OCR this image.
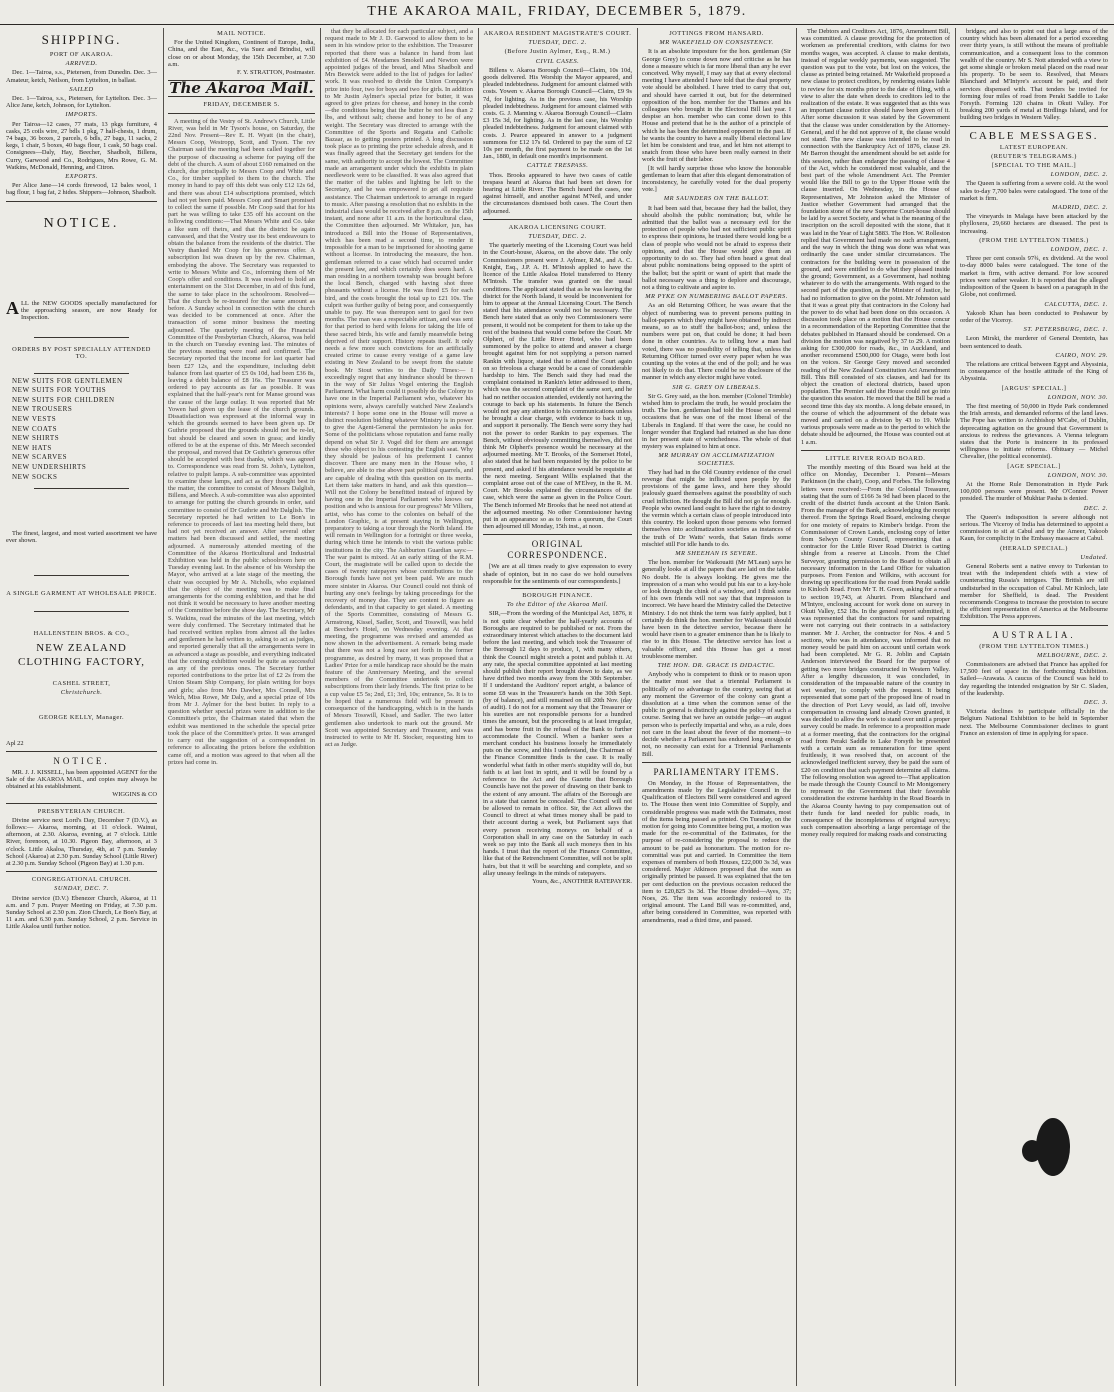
THE AKAROA MAIL, FRIDAY, DECEMBER 5, 1879.
SHIPPING.
PORT OF AKAROA.
ARRIVED.
Dec. 1—Tairoa, s.s., Pietersen, from Dunedin. Dec. 3—Amateur, ketch, Neilson, from Lyttelton, in ballast.
SAILED
Dec. 1—Tairoa, s.s., Pietersen, for Lyttelton. Dec. 3—Alice Jane, ketch, Johnson, for Lyttelton.
IMPORTS.
Per Tairoa—12 cases, 77 mats, 13 pkgs furniture, 4 casks, 25 coils wire, 27 bdls 1 pkg, 7 half-chests, 1 drum, 74 bags, 36 boxes, 2 parcels, 6 bdls, 27 bags, 11 sacks, 2 kegs, 1 chair, 5 boxes, 40 bags flour, 1 cask, 50 bags coal. Consignees—Daly, Hay, Beecher, Shadbolt, Billens, Curry, Garwood and Co., Rodrigues, Mrs Rowe, G. M. Watkins, McDonald, Henning, and Citron.
EXPORTS.
Per Alice Jane—14 cords firewood, 12 bales wool, 1 bag flour, 1 bag fat, 2 hides. Shippers—Johnson, Shadbolt.
NOTICE.
ALL the NEW GOODS specially manufactured for the approaching season, are now Ready for Inspection.
ORDERS BY POST SPECIALLY ATTENDED TO.
NEW SUITS FOR GENTLEMEN
NEW SUITS FOR YOUTHS
NEW SUITS FOR CHILDREN
NEW TROUSERS
NEW VESTS
NEW COATS
NEW SHIRTS
NEW HATS
NEW SCARVES
NEW UNDERSHIRTS
NEW SOCKS
The finest, largest, and most varied assortment we have ever shown.
A SINGLE GARMENT AT WHOLESALE PRICE.
HALLENSTEIN BROS. & CO.,
NEW ZEALAND
CLOTHING FACTORY,
CASHEL STREET,
Christchurch.
GEORGE KELLY, Manager.
Apl 22
NOTICE.
MR. J. J. KISSELL, has been appointed AGENT for the Sale of the AKAROA MAIL, and copies may always be obtained at his establishment.
WIGGINS & CO
PRESBYTERIAN CHURCH.
Divine service next Lord's Day, December 7 (D.V.), as follows:— Akaroa, morning, at 11 o'clock. Wainui, afternoon, at 2.30. Akaroa, evening, at 7 o'clock. Little River, forenoon, at 10.30. Pigeon Bay, afternoon, at 3 o'clock. Little Akaloa, Thursday, 4th, at 7 p.m. Sunday School (Akaroa) at 2.30 p.m. Sunday School (Little River) at 2.30 p.m. Sunday School (Pigeon Bay) at 1.30 p.m.
CONGREGATIONAL CHURCH.
SUNDAY, DEC. 7.
Divine service (D.V.) Ebenezer Church, Akaroa, at 11 a.m. and 7 p.m. Prayer Meeting on Friday, at 7.30 p.m. Sunday School at 2.30 p.m. Zion Church, Le Bon's Bay, at 11 a.m. and 6.30 p.m. Sunday School, 2 p.m. Service in Little Akaloa until further notice.
MAIL NOTICE.
For the United Kingdom, Continent of Europe, India, China, and the East, &c., via Suez and Brindisi, will close on or about Monday, the 15th December, at 7.30 a.m.
F. Y. STRATTON, Postmaster.
The Akaroa Mail.
FRIDAY, DECEMBER 5.
A meeting of the Vestry of St. Andrew's Church, Little River, was held in Mr Tyson's house, on Saturday, the 22nd Nov. Present—Rev E. H. Wyatt (in the chair), Messrs Coop, Westropp, Scott, and Tyson. The rev Chairman said the meeting had been called together for the purpose of discussing a scheme for paying off the debt of the church. A sum of about £160 remained on the church, due principally to Messrs Coop and White and Co., for timber supplied to them to the church. The money in hand to pay off this debt was only £12 12s 6d, and there was about £14 subscriptions promised, which had not yet been paid. Messrs Coop and Smart promised to collect the same if possible. Mr Coop said that for his part he was willing to take £35 off his account on the following conditions:—That Messrs White and Co. take a like sum off theirs, and that the district be again canvassed, and that the Vestry use its best endeavours to obtain the balance from the residents of the district. The Vestry thanked Mr Coop for his generous offer. A subscription list was drawn up by the rev. Chairman, embodying the above. The Secretary was requested to write to Messrs White and Co., informing them of Mr Coop's offer and conditions. It was resolved to hold an entertainment on the 31st December, in aid of this fund, the same to take place in the schoolroom. Resolved—That the church be re-insured for the same amount as before. A Sunday school in connection with the church was decided to be commenced at once. After the transaction of some minor business the meeting adjourned. The quarterly meeting of the Financial Committee of the Presbyterian Church, Akaroa, was held in the church on Tuesday evening last. The minutes of the previous meeting were read and confirmed. The Secretary reported that the income for last quarter had been £27 12s, and the expenditure, including debit balance from last quarter of £5 0s 10d, had been £36 8s, leaving a debit balance of £8 16s. The Treasurer was ordered to pay accounts as far as possible. It was explained that the half-year's rent for Manse ground was the cause of the large outlay. It was reported that Mr Yowen had given up the lease of the church grounds. Dissatisfaction was expressed at the informal way in which the grounds seemed to have been given up. Dr Guthrie proposed that the grounds should not be re-let, but should be cleared and sown in grass; and kindly offered to be at the expense of this. Mr Meech seconded the proposal, and moved that Dr Guthrie's generous offer should be accepted with best thanks, which was agreed to. Correspondence was read from St. John's, Lyttelton, relative to pulpit lamps. A sub-committee was appointed to examine these lamps, and act as they thought best in the matter, the committee to consist of Messrs Dalglish, Billens, and Meech. A sub-committee was also appointed to arrange for putting the church grounds in order, said committee to consist of Dr Guthrie and Mr Dalglish. The Secretary reported he had written to Le Bon's in reference to proceeds of last tea meeting held there, but had not yet received an answer. After several other matters had been discussed and settled, the meeting adjourned. A numerously attended meeting of the Committee of the Akaroa Horticultural and Industrial Exhibition was held in the public schoolroom here on Tuesday evening last. In the absence of his Worship the Mayor, who arrived at a late stage of the meeting, the chair was occupied by Mr A. Nicholls, who explained that the object of the meeting was to make final arrangements for the coming exhibition, and that he did not think it would be necessary to have another meeting of the Committee before the show day. The Secretary, Mr S. Watkins, read the minutes of the last meeting, which were duly confirmed. The Secretary intimated that he had received written replies from almost all the ladies and gentlemen he had written to, asking to act as judges, and reported generally that all the arrangements were in as advanced a stage as possible, and everything indicated that the coming exhibition would be quite as successful as any of the previous ones. The Secretary further reported contributions to the prize list of £2 2s from the Union Steam Ship Company, for plain writing for boys and girls; also from Mrs Dawber, Mrs Connell, Mrs Welch, Miss Rowe, Mr Daly, and a special prize of 10s from Mr J. Aylmer for the best butter. In reply to a question whether special prizes were in addition to the Committee's prize, the Chairman stated that when the exhibit was mentioned in the schedule the special prize took the place of the Committee's prize. It was arranged to carry out the suggestion of a correspondent in reference to allocating the prizes before the exhibition came off, and a motion was agreed to that when all the prizes had come in.
that they be allocated for each particular subject, and a request made to Mr J. D. Garwood to allow them to be seen in his window prior to the exhibition. The Treasurer reported that there was a balance in hand from last exhibition of £4. Mesdames Smokell and Newton were appointed judges of the bread, and Miss Shadbolt and Mrs Beswick were added to the list of judges for ladies' work. It was resolved to divide the Union Company's prize into four, two for boys and two for girls. In addition to Mr Justin Aylmer's special prize for butter, it was agreed to give prizes for cheese, and honey in the comb—the conditions being that the butter be not less than 2 lbs, and without salt; cheese and honey to be of any weight. The Secretary was directed to arrange with the Committee of the Sports and Regatta and Catholic Bazaar, as to getting posters printed. A long discussion took place as to printing the prize schedule afresh, and it was finally agreed that the Secretary get tenders for the same, with authority to accept the lowest. The Committee made an arrangement under which the exhibits in plain needlework were to be classified. It was also agreed that the matter of the tables and lighting be left to the Secretary, and he was empowered to get all requisite assistance. The Chairman undertook to arrange in regard to music. After passing a resolution that no exhibits in the industrial class would be received after 8 p.m. on the 15th instant, and none after 11 a.m. in the horticultural class, the Committee then adjourned. Mr Whitaker, jun, has introduced a Bill into the House of Representatives, which has been read a second time, to render it impossible for a man to be imprisoned for shooting game without a license. In introducing the measure, the hon. gentleman referred to a case which had occurred under the present law, and which certainly does seem hard. A man residing in a northern township was brought before the local Bench, charged with having shot three pheasants without a license. He was fined £5 for each bird, and the costs brought the total up to £21 10s. The culprit was further guilty of being poor, and consequently unable to pay. He was thereupon sent to gaol for two months. The man was a respectable artizan, and was sent for that period to herd with felons for taking the life of these sacred birds, his wife and family meanwhile being deprived of their support. History repeats itself. It only needs a few more such convictions for an artificially created crime to cause every vestige of a game law existing in New Zealand to be swept from the statute book. Mr Stout writes to the Daily Times:— I exceedingly regret that any hindrance should be thrown in the way of Sir Julius Vogel entering the English Parliament. What harm could it possibly do the Colony to have one in the Imperial Parliament who, whatever his opinions were, always carefully watched New Zealand's interests? I hope some one in the House will move a distinct resolution bidding whatever Ministry is in power to give the Agent-General the permission he asks for. Some of the politicians whose reputation and fame really depend on what Sir J. Vogel did for them are amongst those who object to his contesting the English seat. Why they should be jealous of his preferment I cannot discover. There are many men in the House who, I believe, are able to rise above past political quarrels, and are capable of dealing with this question on its merits. Let them take matters in hand, and ask this question—Will not the Colony be benefitted instead of injured by having one in the Imperial Parliament who knows our position and who is anxious for our progress? Mr Villiers, artist, who has come to the colonies on behalf of the London Graphic, is at present staying in Wellington, preparatory to taking a tour through the North Island. He will remain in Wellington for a fortnight or three weeks, during which time he intends to visit the various public institutions in the city. The Ashburton Guardian says:—The war paint is mixed. At an early sitting of the R.M. Court, the magistrate will be called upon to decide the cases of twenty ratepayers whose contributions to the Borough funds have not yet been paid. We are much more sinister in Akaroa. Our Council could not think of hurting any one's feelings by taking proceedings for the recovery of money due. They are content to figure as defendants, and in that capacity to get slated. A meeting of the Sports Committee, consisting of Messrs G. Armstrong, Kissel, Sadler, Scott, and Tosswill, was held at Beecher's Hotel, on Wednesday evening. At that meeting, the programme was revised and amended as now shown in the advertisement. A remark being made that there was not a long race set forth in the former programme, as desired by many, it was proposed that a Ladies' Prize for a mile handicap race should be the main feature of the Anniversary Meeting, and the several members of the Committee undertook to collect subscriptions from their lady friends. The first prize to be a cup value £5 5s; 2nd, £1; 3rd, 10s; entrance, 5s. It is to be hoped that a numerous field will be present in consequence of the handicapping, which is in the hands of Messrs Tosswill, Kissel, and Sadler. The two latter gentlemen also undertook to mark out the ground. Mr Scott was appointed Secretary and Treasurer, and was instructed to write to Mr H. Stocker, requesting him to act as Judge.
AKAROA RESIDENT MAGISTRATE'S COURT.
TUESDAY, DEC. 2.
(Before Justin Aylmer, Esq., R.M.)
CIVIL CASES.
Billens v. Akaroa Borough Council—Claim, 10s 10d, goods delivered. His Worship the Mayor appeared, and pleaded indebtedness. Judgment for amount claimed with costs. Yowen v. Akaroa Borough Council—Claim, £9 9s 7d, for lighting. As in the previous case, his Worship pleaded indebtedness. Judgment for amount claimed with costs. G. J. Manning v. Akaroa Borough Council—Claim £3 15s 3d, for lighting. As in the last case, his Worship pleaded indebtedness. Judgment for amount claimed with costs. J. Pearce appeared in answer to a judgment summons for £12 17s 6d. Ordered to pay the sum of £2 10s per month, the first payment to be made on the 1st Jan., 1880, in default one month's imprisonment.
CATTLE TRESPASS.
Thos. Brooks appeared to have two cases of cattle trespass heard at Akaroa that had been set down for hearing at Little River. The Bench heard the cases, one against himself, and another against M'Neil, and under the circumstances dismissed both cases. The Court then adjourned.
AKAROA LICENSING COURT.
TUESDAY, DEC. 2.
The quarterly meeting of the Licensing Court was held in the Court-house, Akaroa, on the above date. The only Commissioners present were J. Aylmer, R.M., and A. C. Knight, Esq., J.P. A. H. M'Intosh applied to have the licence of the Little Akaloa Hotel transferred to Henry M'Intosh. The transfer was granted on the usual conditions. The applicant stated that as he was leaving the district for the North Island, it would be inconvenient for him to appear at the Annual Licensing Court. The Bench stated that his attendance would not be necessary. The Bench here stated that as only two Commissioners were present, it would not be competent for them to take up the rest of the business that would come before the Court. Mr Olphert, of the Little River Hotel, who had been summoned by the police to attend and answer a charge brought against him for not supplying a person named Rankin with liquor, stated that to attend the Court again on so frivolous a charge would be a case of considerable hardship to him. The Bench said they had read the complaint contained in Rankin's letter addressed to them, which was the second complaint of the same sort, and he had no neither occasion attended, evidently not having the courage to back up his statements. In future the Bench would not pay any attention to his communications unless he brought a clear charge, with evidence to back it up, and support it personally. The Bench were sorry they had not the power to order Rankin to pay expenses. The Bench, without obviously committing themselves, did not think Mr Olphert's presence would be necessary at the adjourned meeting. Mr T. Brooks, of the Somerset Hotel, also stated that he had been requested by the police to be present, and asked if his attendance would be requisite at the next meeting. Sergeant Willis explained that the complaint arose out of the case of M'Elvey, in the R. M. Court. Mr Brooks explained the circumstances of the case, which were the same as given in the Police Court. The Bench informed Mr Brooks that he need not attend at the adjourned meeting. No other Commissioner having put in an appearance so as to form a quorum, the Court then adjourned till Monday, 15th inst., at noon.
ORIGINAL CORRESPONDENCE.
[We are at all times ready to give expression to every shade of opinion, but in no case do we hold ourselves responsible for the sentiments of our correspondents.]
BOROUGH FINANCE.
To the Editor of the Akaroa Mail.
SIR,—From the wording of the Municipal Act, 1876, it is not quite clear whether the half-yearly accounts of Boroughs are required to be published or not. From the extraordinary interest which attaches to the document laid before the last meeting, and which took the Treasurer of the Borough 12 days to produce, I, with many others, think the Council might stretch a point and publish it. At any rate, the special committee appointed at last meeting should publish their report brought down to date, as we have drifted two months away from the 30th September. If I understand the Auditors' report aright, a balance of some £8 was in the Treasurer's hands on the 30th Sept. (by of balance), and still remained on till 20th Nov. (day of audit). I do not for a moment say that the Treasurer or his sureties are not responsible persons for a hundred times the amount, but the proceeding is at least irregular, and has borne fruit in the refusal of the Bank to further accommodate the Council. When a banker sees a merchant conduct his business loosely he immediately puts on the screw, and this I understand, the Chairman of the Finance Committee finds is the case. It is really wonderful what faith in other men's stupidity will do, but faith is at last lost in spirit, and it will be found by a reference to the Act and the Gazette that Borough Councils have not the power of drawing on their bank to the extent of any amount. The affairs of the Borough are in a state that cannot be concealed. The Council will not be allowed to remain in office. Sir, the Act allows the Council to direct at what times money shall be paid to their account during a week, but Parliament says that every person receiving moneys on behalf of a Corporation shall in any case on the Saturday in each week so pay into the Bank all such moneys then in his hands. I trust that the report of the Finance Committee, like that of the Retrenchment Committee, will not be split hairs, but that it will be searching and complete, and so allay uneasy feelings in the minds of ratepayers.
Yours, &c., ANOTHER RATEPAYER.
JOTTINGS FROM HANSARD.
MR WAKEFIELD ON CONSISTENCY.
It is an absolute imposture for the hon. gentleman (Sir George Grey) to come down now and criticise as he has done a measure which is far more liberal than any he ever conceived. Why myself, I may say that at every electoral meeting I have attended I have told that the dual property vote should be abolished. I have tried to carry that out, and should have carried it out, but for the determined opposition of the hon. member for the Thames and his colleagues who brought in the Electoral Bill last year. I despise an hon. member who can come down to this House and pretend that he is the author of a principle of which he has been the determined opponent in the past. If he wants the country to have a really liberal electoral law let him be consistent and true, and let him not attempt to snatch from those who have been really earnest in their work the fruit of their labor.
[It will hardly surprise those who know the honorable gentleman to learn that after this elegant demonstration of inconsistency, he carefully voted for the dual property vote.]
MR SAUNDERS ON THE BALLOT.
It had been said that, because they had the ballot, they should abolish the public nomination; but, while he admitted that the ballot was a necessary evil for the protection of people who had not sufficient public spirit to express their opinions, he trusted there would long be a class of people who would not be afraid to express their opinions, and that the House would give them an opportunity to do so. They had often heard a great deal about public nominations being opposed to the spirit of the ballot; but the spirit or want of spirit that made the ballot necessary was a thing to deplore and discourage, not a thing to cultivate and aspire to.
MR PYKE ON NUMBERING BALLOT PAPERS.
As an old Returning Officer, he was aware that the object of numbering was to prevent persons putting in ballot-papers which they might have obtained by indirect means, so as to stuff the ballot-box; and, unless the numbers were put on, that could be done; it had been done in other countries. As to telling how a man had voted, there was no possibility of telling that, unless the Returning Officer turned over every paper when he was counting up the votes at the end of the poll; and he was not likely to do that. There could be no disclosure of the manner in which any elector might have voted.
SIR G. GREY ON LIBERALS.
Sir G. Grey said, as the hon. member (Colonel Trimble) wished him to proclaim the truth, he would proclaim the truth. The hon. gentleman had told the House on several occasions that he was one of the most liberal of the Liberals in England. If that were the case, he could no longer wonder that England had retained as she has done in her present state of wretchedness. The whole of that mystery was explained to him at once.
MR MURRAY ON ACCLIMATIZATION SOCIETIES.
They had had in the Old Country evidence of the cruel revenge that might be inflicted upon people by the provisions of the game laws, and here they should jealously guard themselves against the possibility of such cruel infliction. He thought the Bill did not go far enough. People who owned land ought to have the right to destroy the vermin which a certain class of people introduced into this country. He looked upon those persons who formed themselves into acclimatization societies as instances of the truth of Dr Watts' words, that Satan finds some mischief still For idle hands to do.
MR SHEEHAN IS SEVERE.
The hon. member for Waikouaiti (Mr M'Lean) says he generally looks at all the papers that are laid on the table. No doubt. He is always looking. He gives me the impression of a man who would put his ear to a key-hole or look through the chink of a window, and I think some of his own friends will not say that that impression is incorrect. We have heard the Ministry called the Detective Ministry. I do not think the term was fairly applied, but I certainly do think the hon. member for Waikouaiti should have been in the detective service, because there he would have risen to a greater eminence than he is likely to rise to in this House. The detective service has lost a valuable officer, and this House has got a most troublesome member.
THE HON. DR. GRACE IS DIDACTIC.
Anybody who is competent to think or to reason upon the matter must see that a triennial Parliament is politically of no advantage to the country, seeing that at any moment the Governor of the colony can grant a dissolution at a time when the common sense of the public in general is distinctly against the policy of such a course. Seeing that we have an outside judge—an august person who is perfectly impartial and who, as a rule, does not care in the least about the fever of the moment—to decide whether a Parliament has endured long enough or not, no necessity can exist for a Triennial Parliaments Bill.
PARLIAMENTARY ITEMS.
On Monday, in the House of Representatives, the amendments made by the Legislative Council in the Qualification of Electors Bill were considered and agreed to. The House then went into Committee of Supply, and considerable progress was made with the Estimates, most of the items being passed as printed. On Tuesday, on the motion for going into Committee being put, a motion was made for the re-committal of the Estimates, for the purpose of re-considering the proposal to reduce the amount to be paid as honorarium. The motion for re-committal was put and carried. In Committee the item expenses of members of both Houses, £22,000 3s 3d, was considered. Major Atkinson proposed that the sum as originally printed be passed. It was explained that the ten per cent deduction on the previous occasion reduced the item to £20,825 3s 3d. The House divided—Ayes, 37; Noes, 26. The item was accordingly restored to its original amount. The Land Bill was re-committed, and, after being considered in Committee, was reported with amendments, read a third time, and passed.
The Debtors and Creditors Act, 1876, Amendment Bill, was committed. A clause providing for the protection of workmen as preferential creditors, with claims for two months wages, was accepted. A clause to make dentists, instead of regular weekly payments, was suggested. The question was put to the vote, but lost on the voices, the clause as printed being retained. Mr Wakefield proposed a new clause to protect creditors, by rendering estates liable to review for six months prior to the date of filing, with a view to alter the date when deeds to creditors led to the realization of the estate. It was suggested that as this was an important clause notice should have been given of it. After some discussion it was stated by the Government that the clause was under consideration by the Attorney-General, and if he did not approve of it, the clause would not stand. The new clause was intended to be read in connection with the Bankruptcy Act of 1876, clause 29. Mr Barron thought the amendment should be set aside for this session, rather than endanger the passing of clause 4 of the Act, which he considered most valuable, and the best part of the whole Amendment Act. The Premier would like the Bill to go to the Upper House with the clause inserted. On Wednesday, in the House of Representatives, Mr Johnston asked the Minister of Justice whether Government had arranged that the foundation stone of the new Supreme Court-house should be laid by a secret Society, and what is the meaning of the inscription on the scroll deposited with the stone, that it was laid in the Year of Light 5883. The Hon. W. Rolleston replied that Government had made no such arrangement, and the way in which the thing was done was what was ordinarily the case under similar circumstances. The contractors for the building were in possession of the ground, and were entitled to do what they pleased inside the ground; Government, as a Government, had nothing whatever to do with the arrangements. With regard to the second part of the question, as the Minister of Justice, he had no information to give on the point. Mr Johnston said that it was a great pity that contractors in the Colony had the power to do what had been done on this occasion. A discussion took place on a motion that the House concur in a recommendation of the Reporting Committee that the debates published in Hansard should be condensed. On a division the motion was negatived by 37 to 29. A motion asking for £300,000 for roads, &c., in Auckland, and another recommend £500,000 for Otago, were both lost on the voices. Sir George Grey moved and seconded reading of the New Zealand Constitution Act Amendment Bill. This Bill consisted of six clauses, and had for its object the creation of electoral districts, based upon population. The Premier said the House could not go into the question this session. He moved that the Bill be read a second time this day six months. A long debate ensued, in the course of which the adjournment of the debate was moved and carried on a division by 43 to 19. While various proposals were made as to the period to which the debate should be adjourned, the House was counted out at 1 a.m.
LITTLE RIVER ROAD BOARD.
The monthly meeting of this Board was held at the office on Monday, December 1. Present—Messrs Parkinson (in the chair), Coop, and Forbes. The following letters were received:—From the Colonial Treasurer, stating that the sum of £166 3s 9d had been placed to the credit of the district funds account at the Union Bank. From the manager of the Bank, acknowledging the receipt thereof. From the Springs Road Board, enclosing cheque for one moiety of repairs to Kimber's bridge. From the Commissioner of Crown Lands, enclosing copy of letter from Selwyn County Council, representing that a contractor for the Little River Road District is carting shingle from a reserve at Lincoln. From the Chief Surveyor, granting permission to the Board to obtain all necessary information in the Land Office for valuation purposes. From Fenton and Wilkins, with account for drawing up specifications for the road from Peraki saddle to Kinloch Road. From Mr T. H. Green, asking for a road to section 19,743, at Ahuriri. From Blanchard and M'Intyre, enclosing account for work done on survey in Okuti Valley, £52 18s. In the general report submitted, it was represented that the contractors for sand repairing were not carrying out their contracts in a satisfactory manner. Mr J. Archer, the contractor for Nos. 4 and 5 sections, who was in attendance, was informed that no money would be paid him on account until certain work had been completed. Mr G. R. Joblin and Captain Anderson interviewed the Board for the purpose of getting two more bridges constructed in Western Valley. After a lengthy discussion, it was concluded, in consideration of the impassable nature of the country in wet weather, to comply with the request. It being represented that some part of the proposed line of road in the direction of Port Levy would, as laid off, involve compensation in crossing land already Crown granted, it was decided to allow the work to stand over until a proper survey could be made. In reference to a proposition made at a former meeting, that the contractors for the original road from Peraki Saddle to Lake Forsyth be presented with a certain sum as remuneration for time spent fruitlessly, it was resolved that, on account of the acknowledged inefficient survey, they be paid the sum of £20 on condition that such payment determine all claims. The following resolution was agreed to—That application be made through the County Council to Mr Montgomery to represent to the Government that their favorable consideration the extreme hardship in the Road Boards in the Akaroa County having to pay compensation out of their funds for land needed for public roads, in consequence of the incompleteness of original surveys; such compensation absorbing a large percentage of the money really required for making roads and constructing
bridges; and also to point out that a large area of the country which has been alienated for a period exceeding over thirty years, is still without the means of profitable communication, and a consequent loss to the common wealth of the country. Mr S. Nott attended with a view to get some shingle or broken metal placed on the road near his property. To be seen to. Resolved, that Messrs Blanchard and M'Intyre's account be paid, and their services dispensed with. That tenders be invited for forming four miles of road from Peraki Saddle to Lake Forsyth. Forming 120 chains in Okuti Valley. For breaking 200 yards of metal at Birdlings Island, and for building two bridges in Western Valley.
CABLE MESSAGES.
LATEST EUROPEAN.
(REUTER'S TELEGRAMS.)
[SPECIAL TO THE MAIL.]
LONDON, DEC. 2.
The Queen is suffering from a severe cold. At the wool sales to-day 7,700 bales were catalogued. The tone of the market is firm.
MADRID, DEC. 2.
The vineyards in Malaga have been attacked by the phylloxera, 29,660 hectares are diseased. The pest is increasing.
(FROM THE LYTTELTON TIMES.)
LONDON, DEC. 1.
Three per cent consols 97¾, ex dividend. At the wool to-day 8000 bales were catalogued. The tone of the market is firm, with active demand. For low scoured prices were rather weaker. It is reported that the alleged indisposition of the Queen is based on a paragraph in the Globe, not confirmed.
CALCUTTA, DEC. 1.
Yakoob Khan has been conducted to Peshawur by order of the Viceroy.
ST. PETERSBURG, DEC. 1.
Leon Mirski, the murderer of General Drentein, has been sentenced to death.
CAIRO, NOV. 29.
The relations are critical between Egypt and Abyssinia, in consequence of the hostile attitude of the King of Abyssinia.
[ARGUS' SPECIAL.]
LONDON, NOV. 30.
The first meeting of 50,000 in Hyde Park condemned the Irish arrests, and demanded reforms of the land laws. The Pope has written to Archbishop M'Cabe, of Dublin, deprecating agitation on the ground that Government is anxious to redress the grievances. A Vienna telegram states that the Porte is insincere in its professed willingness to initiate reforms. Obituary — Michel Chevalier, (the political economist).
[AGE SPECIAL.]
LONDON, NOV. 30.
At the Home Rule Demonstration in Hyde Park 100,000 persons were present. Mr O'Connor Power presided. The murder of Mukhtar Pasha is denied.
DEC. 2.
The Queen's indisposition is severe although not serious. The Viceroy of India has determined to appoint a commission to sit at Cabul and try the Ameer, Yakoob Kaun, for complicity in the Embassy massacre at Cabul.
(HERALD SPECIAL.)
Undated.
General Roberts sent a native envoy to Turkestan to treat with the independent chiefs with a view of counteracting Russia's intrigues. The British are still undisturbed in the occupation of Cabul. Mr Kinloch, late member for Sheffield, is dead. The President recommends Congress to increase the provision to secure the efficient representation of America at the Melbourne Exhibition. The Press approves.
AUSTRALIA.
(FROM THE LYTTELTON TIMES.)
MELBOURNE, DEC. 2.
Commissioners are advised that France has applied for 17,500 feet of space in the forthcoming Exhibition. Sailed—Arawata. A caucus of the Council was held to day regarding the intended resignation by Sir C. Sladen, of the leadership.
DEC. 3.
Victoria declines to participate officially in the Belgium National Exhibition to be held in September next. The Melbourne Commissioner declines to grant France an extension of time in applying for space.
